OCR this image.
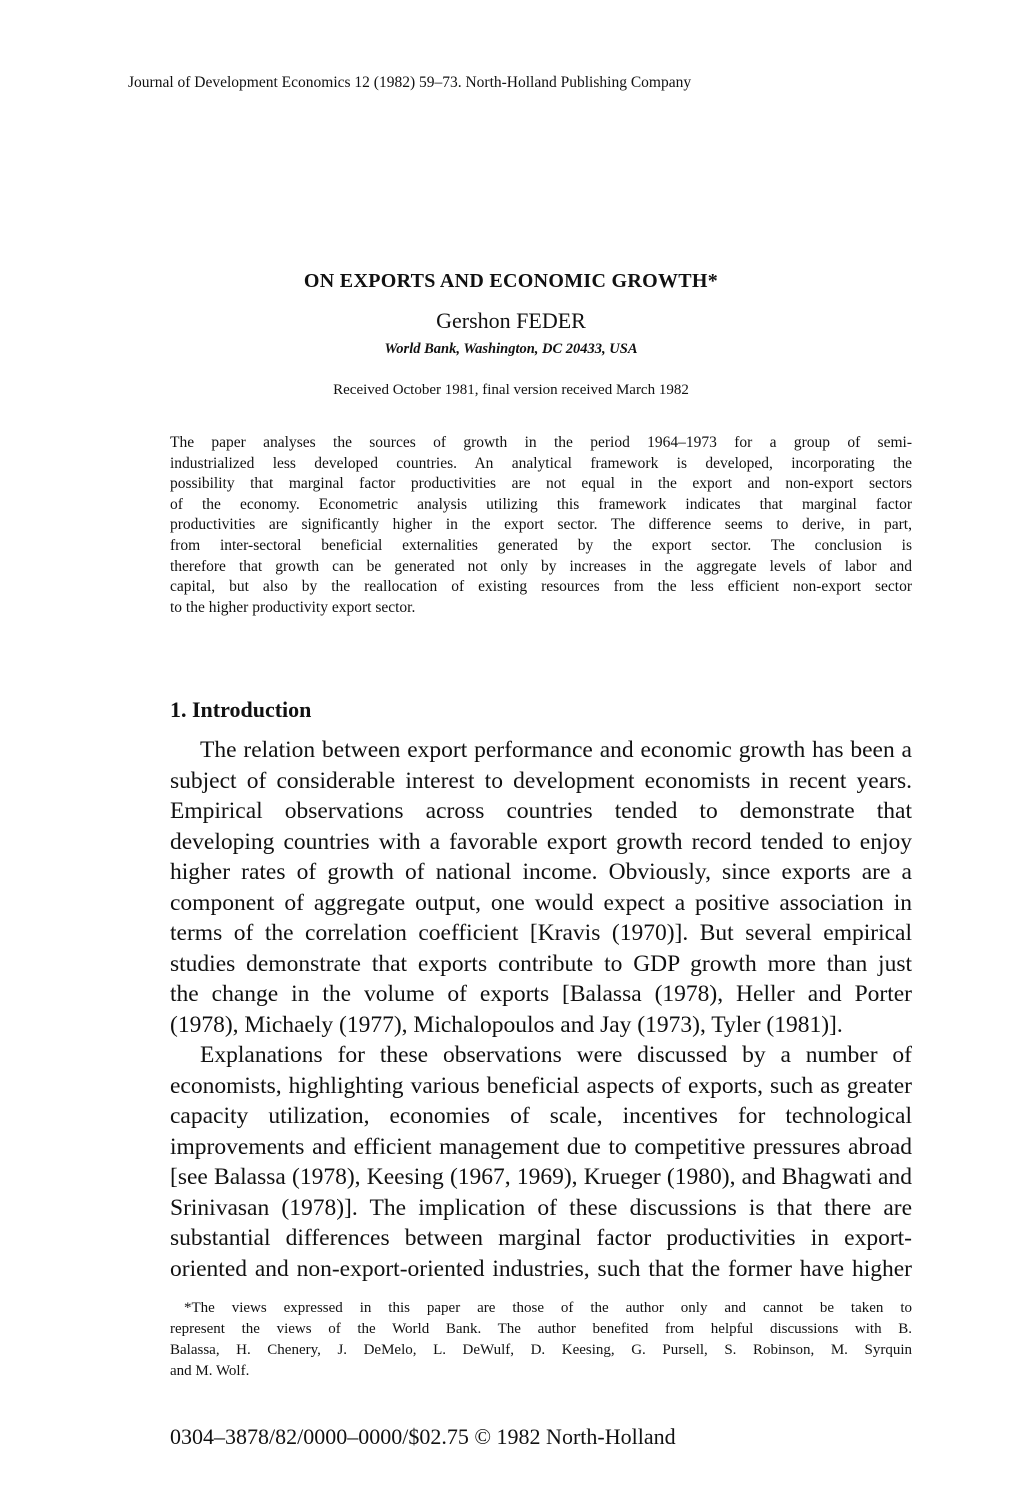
Journal of Development Economics 12 (1982) 59–73. North-Holland Publishing Company
ON EXPORTS AND ECONOMIC GROWTH*
Gershon FEDER
World Bank, Washington, DC 20433, USA
Received October 1981, final version received March 1982
The paper analyses the sources of growth in the period 1964–1973 for a group of semi-
industrialized less developed countries. An analytical framework is developed, incorporating the
possibility that marginal factor productivities are not equal in the export and non-export sectors
of the economy. Econometric analysis utilizing this framework indicates that marginal factor
productivities are significantly higher in the export sector. The difference seems to derive, in part,
from inter-sectoral beneficial externalities generated by the export sector. The conclusion is
therefore that growth can be generated not only by increases in the aggregate levels of labor and
capital, but also by the reallocation of existing resources from the less efficient non-export sector
to the higher productivity export sector.
1. Introduction
The relation between export performance and economic growth has been a
subject of considerable interest to development economists in recent years.
Empirical observations across countries tended to demonstrate that
developing countries with a favorable export growth record tended to enjoy
higher rates of growth of national income. Obviously, since exports are a
component of aggregate output, one would expect a positive association in
terms of the correlation coefficient [Kravis (1970)]. But several empirical
studies demonstrate that exports contribute to GDP growth more than just
the change in the volume of exports [Balassa (1978), Heller and Porter
(1978), Michaely (1977), Michalopoulos and Jay (1973), Tyler (1981)].
Explanations for these observations were discussed by a number of
economists, highlighting various beneficial aspects of exports, such as greater
capacity utilization, economies of scale, incentives for technological
improvements and efficient management due to competitive pressures abroad
[see Balassa (1978), Keesing (1967, 1969), Krueger (1980), and Bhagwati and
Srinivasan (1978)]. The implication of these discussions is that there are
substantial differences between marginal factor productivities in export-
oriented and non-export-oriented industries, such that the former have higher
*The views expressed in this paper are those of the author only and cannot be taken to
represent the views of the World Bank. The author benefited from helpful discussions with B.
Balassa, H. Chenery, J. DeMelo, L. DeWulf, D. Keesing, G. Pursell, S. Robinson, M. Syrquin
and M. Wolf.
0304–3878/82/0000–0000/$02.75 © 1982 North-Holland
